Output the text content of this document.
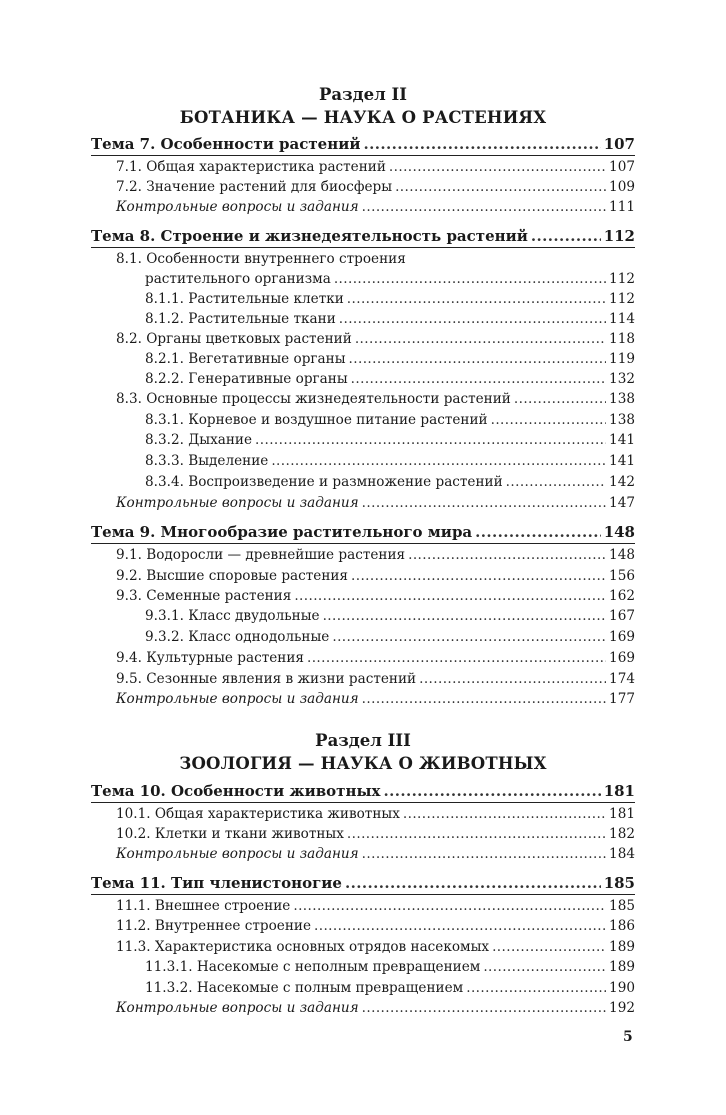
Раздел II
БОТАНИКА — НАУКА О РАСТЕНИЯХ
Тема 7. Особенности растений .....	107
7.1. Общая характеристика растений .....	107
7.2. Значение растений для биосферы .....	109
Контрольные вопросы и задания .....	111
Тема 8. Строение и жизнедеятельность растений .....	112
8.1. Особенности внутреннего строения
растительного организма .....	112
8.1.1. Растительные клетки .....	112
8.1.2. Растительные ткани .....	114
8.2. Органы цветковых растений .....	118
8.2.1. Вегетативные органы .....	119
8.2.2. Генеративные органы .....	132
8.3. Основные процессы жизнедеятельности растений .....	138
8.3.1. Корневое и воздушное питание растений .....	138
8.3.2. Дыхание .....	141
8.3.3. Выделение .....	141
8.3.4. Воспроизведение и размножение растений .....	142
Контрольные вопросы и задания .....	147
Тема 9. Многообразие растительного мира .....	148
9.1. Водоросли — древнейшие растения .....	148
9.2. Высшие споровые растения .....	156
9.3. Семенные растения .....	162
9.3.1. Класс двудольные .....	167
9.3.2. Класс однодольные .....	169
9.4. Культурные растения .....	169
9.5. Сезонные явления в жизни растений .....	174
Контрольные вопросы и задания .....	177
Раздел III
ЗООЛОГИЯ — НАУКА О ЖИВОТНЫХ
Тема 10. Особенности животных .....	181
10.1. Общая характеристика животных .....	181
10.2. Клетки и ткани животных .....	182
Контрольные вопросы и задания .....	184
Тема 11. Тип членистоногие .....	185
11.1. Внешнее строение .....	185
11.2. Внутреннее строение .....	186
11.3. Характеристика основных отрядов насекомых .....	189
11.3.1. Насекомые с неполным превращением .....	189
11.3.2. Насекомые с полным превращением .....	190
Контрольные вопросы и задания .....	192
5
